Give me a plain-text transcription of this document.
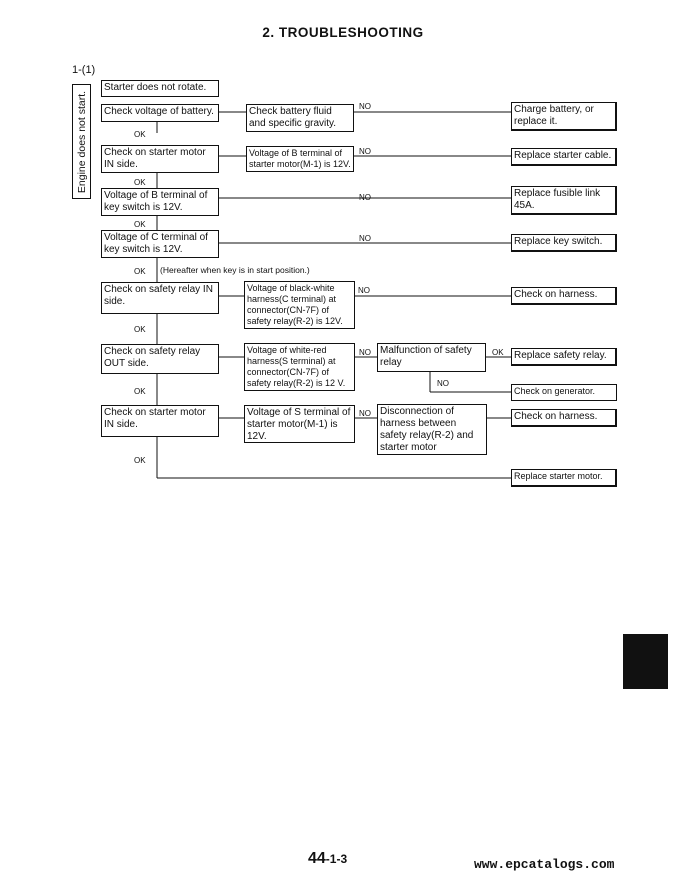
2. TROUBLESHOOTING
1-(1)
Engine does not start.
Starter does not rotate.
Check voltage of battery.	Check battery fluid and specific gravity.
Charge battery, or replace it.
Check on starter motor IN side.
Voltage of B terminal of starter motor(M-1) is 12V.
Replace starter cable.
Voltage of B terminal of key switch is 12V.
Replace fusible link 45A.
Voltage of C terminal of key switch is 12V.
Replace key switch.
Check on safety relay IN side.
Voltage of black-white harness(C terminal) at connector(CN-7F) of safety relay(R-2) is 12V.
Check on harness.
Check on safety relay OUT side.
Voltage of white-red harness(S terminal) at connector(CN-7F) of safety relay(R-2) is 12 V.
Malfunction of safety relay
Replace safety relay.
Check on generator.
Check on starter motor IN side.
Voltage of S terminal of starter motor(M-1) is 12V.
Disconnection of harness between safety relay(R-2) and starter motor
Check on harness.
Replace starter motor.
OK
OK
OK
OK
OK
OK
OK
OK
NO
NO
NO
NO
NO
NO
NO
NO
(Hereafter when key is in start position.)
44-1-3	www.epcatalogs.com
